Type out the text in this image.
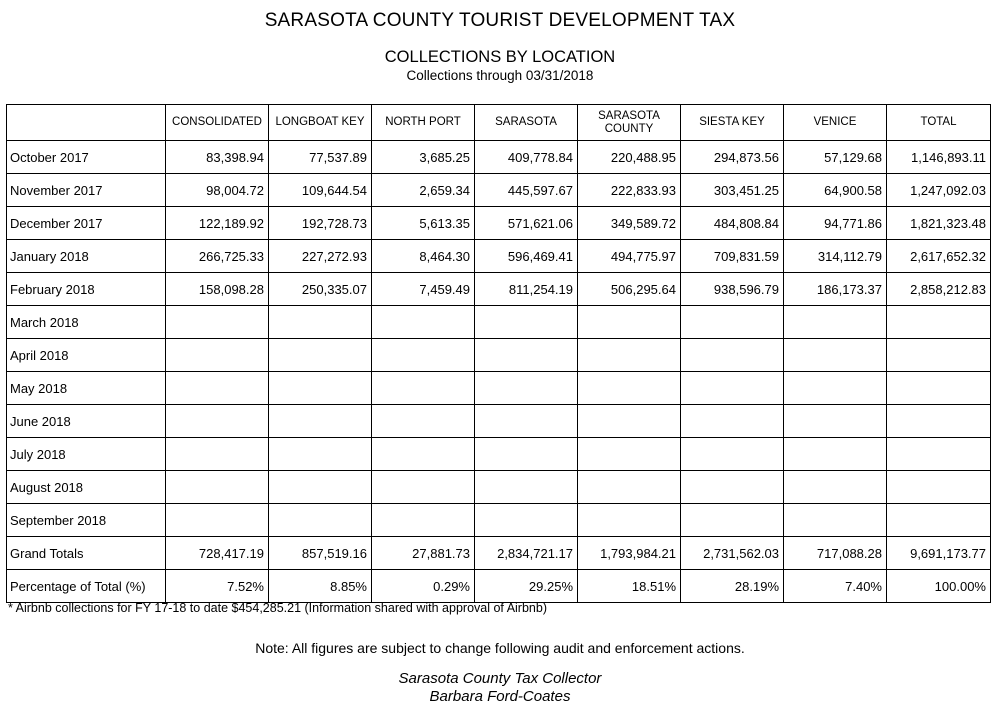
SARASOTA COUNTY TOURIST DEVELOPMENT TAX
COLLECTIONS BY LOCATION
Collections through 03/31/2018
	CONSOLIDATED	LONGBOAT KEY	NORTH PORT	SARASOTA	SARASOTA COUNTY	SIESTA KEY	VENICE	TOTAL
October 2017	83,398.94	77,537.89	3,685.25	409,778.84	220,488.95	294,873.56	57,129.68	1,146,893.11
November 2017	98,004.72	109,644.54	2,659.34	445,597.67	222,833.93	303,451.25	64,900.58	1,247,092.03
December 2017	122,189.92	192,728.73	5,613.35	571,621.06	349,589.72	484,808.84	94,771.86	1,821,323.48
January 2018	266,725.33	227,272.93	8,464.30	596,469.41	494,775.97	709,831.59	314,112.79	2,617,652.32
February 2018	158,098.28	250,335.07	7,459.49	811,254.19	506,295.64	938,596.79	186,173.37	2,858,212.83
March 2018								
April 2018								
May 2018								
June 2018								
July 2018								
August 2018								
September 2018								
Grand Totals	728,417.19	857,519.16	27,881.73	2,834,721.17	1,793,984.21	2,731,562.03	717,088.28	9,691,173.77
Percentage of Total (%)	7.52%	8.85%	0.29%	29.25%	18.51%	28.19%	7.40%	100.00%
* Airbnb collections for FY 17-18 to date $454,285.21 (Information shared with approval of Airbnb)
Note: All figures are subject to change following audit and enforcement actions.
Sarasota County Tax Collector
Barbara Ford-Coates
